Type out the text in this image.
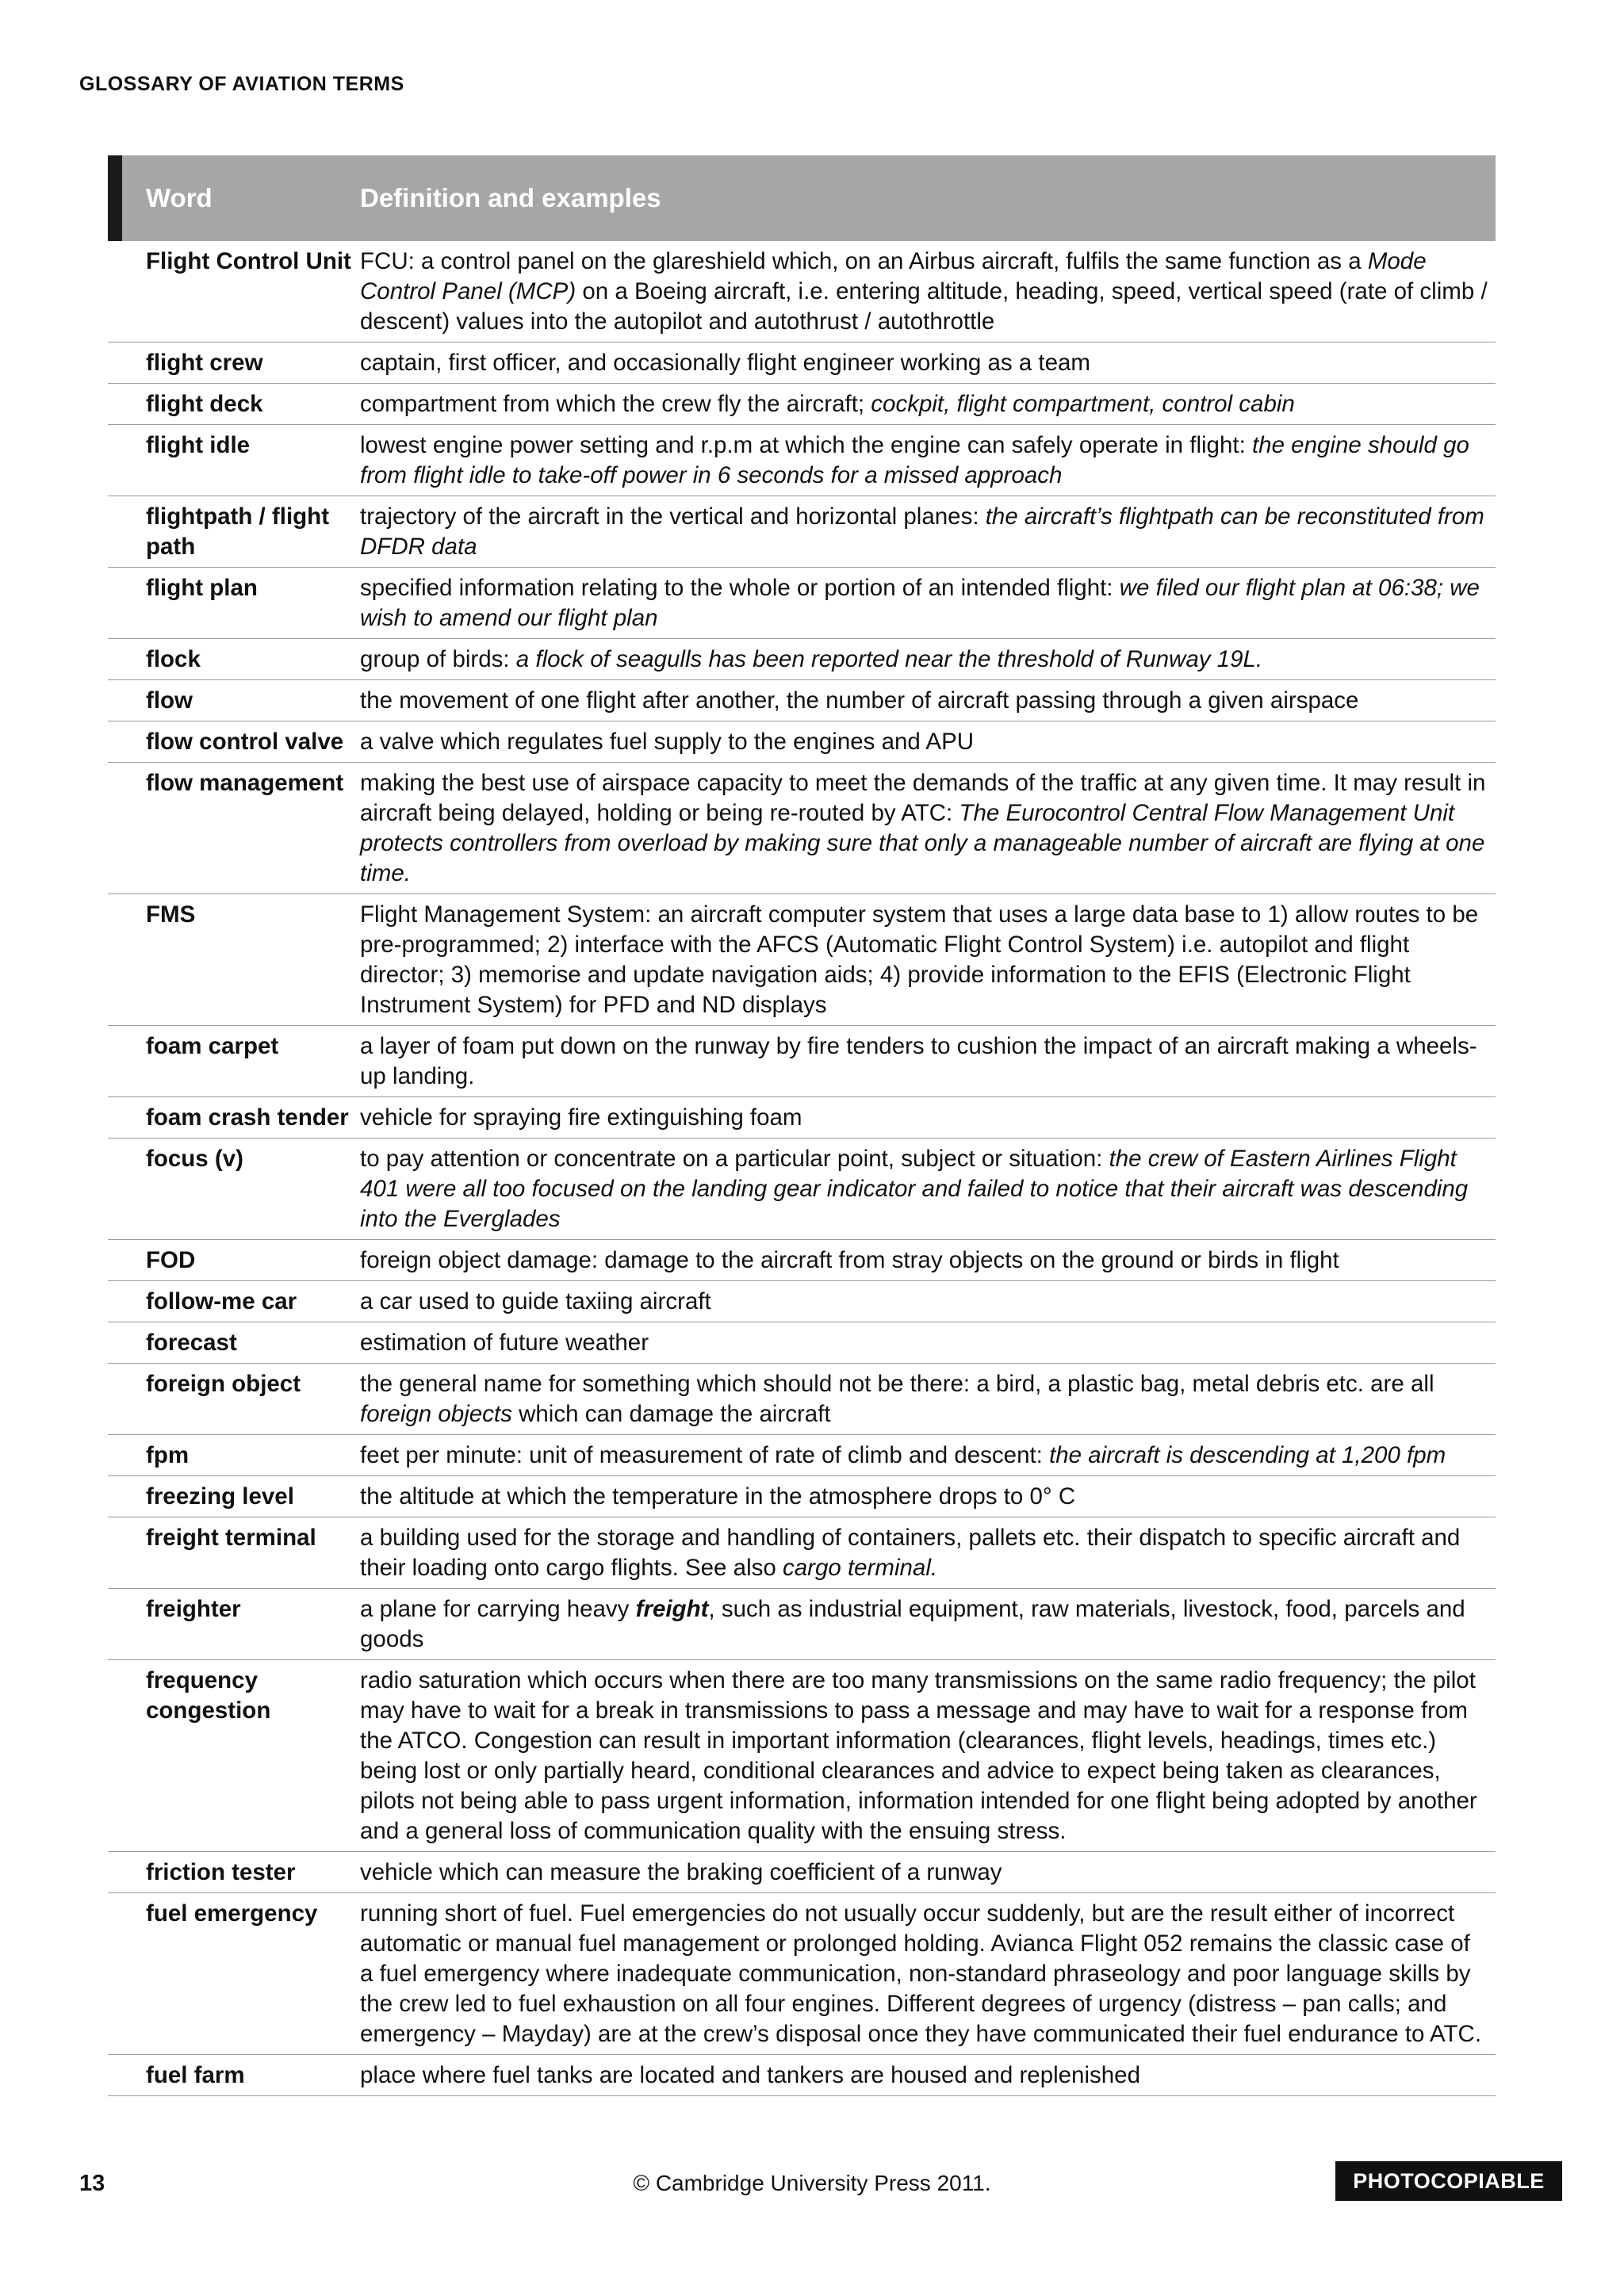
GLOSSARY OF AVIATION TERMS
Word	Definition and examples
Flight Control Unit	FCU: a control panel on the glareshield which, on an Airbus aircraft, fulfils the same function as a Mode Control Panel (MCP) on a Boeing aircraft, i.e. entering altitude, heading, speed, vertical speed (rate of climb / descent) values into the autopilot and autothrust / autothrottle
flight crew	captain, first officer, and occasionally flight engineer working as a team
flight deck	compartment from which the crew fly the aircraft; cockpit, flight compartment, control cabin
flight idle	lowest engine power setting and r.p.m at which the engine can safely operate in flight: the engine should go from flight idle to take-off power in 6 seconds for a missed approach
flightpath / flight path	trajectory of the aircraft in the vertical and horizontal planes: the aircraft’s flightpath can be reconstituted from DFDR data
flight plan	specified information relating to the whole or portion of an intended flight: we filed our flight plan at 06:38; we wish to amend our flight plan
flock	group of birds: a flock of seagulls has been reported near the threshold of Runway 19L.
flow	the movement of one flight after another, the number of aircraft passing through a given airspace
flow control valve	a valve which regulates fuel supply to the engines and APU
flow management	making the best use of airspace capacity to meet the demands of the traffic at any given time. It may result in aircraft being delayed, holding or being re-routed by ATC: The Eurocontrol Central Flow Management Unit protects controllers from overload by making sure that only a manageable number of aircraft are flying at one time.
FMS	Flight Management System: an aircraft computer system that uses a large data base to 1) allow routes to be pre-programmed; 2) interface with the AFCS (Automatic Flight Control System) i.e. autopilot and flight director; 3) memorise and update navigation aids; 4) provide information to the EFIS (Electronic Flight Instrument System) for PFD and ND displays
foam carpet	a layer of foam put down on the runway by fire tenders to cushion the impact of an aircraft making a wheels-up landing.
foam crash tender	vehicle for spraying fire extinguishing foam
focus (v)	to pay attention or concentrate on a particular point, subject or situation: the crew of Eastern Airlines Flight 401 were all too focused on the landing gear indicator and failed to notice that their aircraft was descending into the Everglades
FOD	foreign object damage: damage to the aircraft from stray objects on the ground or birds in flight
follow-me car	a car used to guide taxiing aircraft
forecast	estimation of future weather
foreign object	the general name for something which should not be there: a bird, a plastic bag, metal debris etc. are all foreign objects which can damage the aircraft
fpm	feet per minute: unit of measurement of rate of climb and descent: the aircraft is descending at 1,200 fpm
freezing level	the altitude at which the temperature in the atmosphere drops to 0° C
freight terminal	a building used for the storage and handling of containers, pallets etc. their dispatch to specific aircraft and their loading onto cargo flights. See also cargo terminal.
freighter	a plane for carrying heavy freight, such as industrial equipment, raw materials, livestock, food, parcels and goods
frequency congestion	radio saturation which occurs when there are too many transmissions on the same radio frequency; the pilot may have to wait for a break in transmissions to pass a message and may have to wait for a response from the ATCO. Congestion can result in important information (clearances, flight levels, headings, times etc.) being lost or only partially heard, conditional clearances and advice to expect being taken as clearances, pilots not being able to pass urgent information, information intended for one flight being adopted by another and a general loss of communication quality with the ensuing stress.
friction tester	vehicle which can measure the braking coefficient of a runway
fuel emergency	running short of fuel. Fuel emergencies do not usually occur suddenly, but are the result either of incorrect automatic or manual fuel management or prolonged holding. Avianca Flight 052 remains the classic case of a fuel emergency where inadequate communication, non-standard phraseology and poor language skills by the crew led to fuel exhaustion on all four engines. Different degrees of urgency (distress – pan calls; and emergency – Mayday) are at the crew’s disposal once they have communicated their fuel endurance to ATC.
fuel farm	place where fuel tanks are located and tankers are housed and replenished
13	© Cambridge University Press 2011.	PHOTOCOPIABLE
